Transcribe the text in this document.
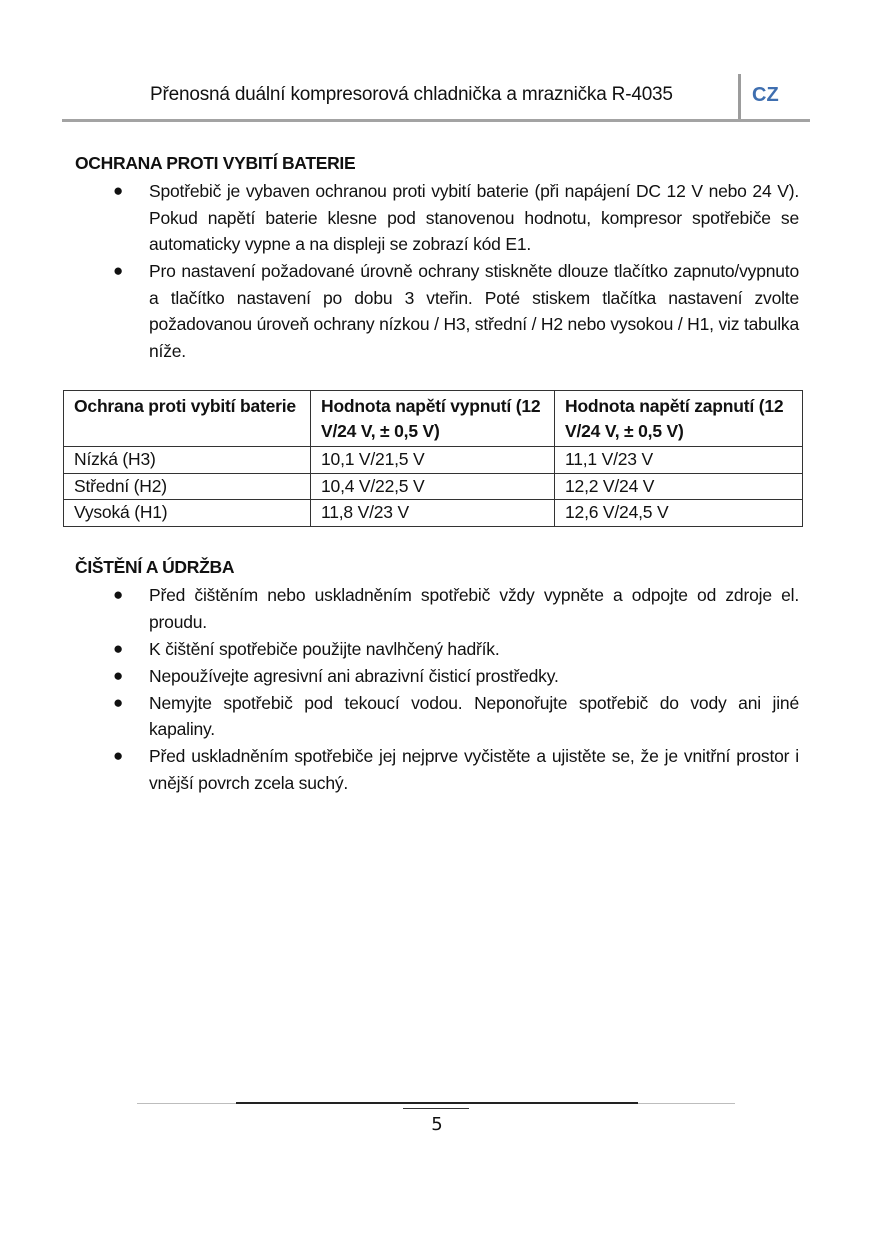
Přenosná duální kompresorová chladnička a mraznička R-4035	CZ
OCHRANA PROTI VYBITÍ BATERIE
● Spotřebič je vybaven ochranou proti vybití baterie (při napájení DC 12 V nebo 24 V). Pokud napětí baterie klesne pod stanovenou hodnotu, kompresor spotřebiče se automaticky vypne a na displeji se zobrazí kód E1.
● Pro nastavení požadované úrovně ochrany stiskněte dlouze tlačítko zapnuto/vypnuto a tlačítko nastavení po dobu 3 vteřin. Poté stiskem tlačítka nastavení zvolte požadovanou úroveň ochrany nízkou / H3, střední / H2 nebo vysokou / H1, viz tabulka níže.
Ochrana proti vybití baterie	Hodnota napětí vypnutí (12 V/24 V, ± 0,5 V)	Hodnota napětí zapnutí (12 V/24 V, ± 0,5 V)
Nízká (H3)	10,1 V/21,5 V	11,1 V/23 V
Střední (H2)	10,4 V/22,5 V	12,2 V/24 V
Vysoká (H1)	11,8 V/23 V	12,6 V/24,5 V
ČIŠTĚNÍ A ÚDRŽBA
● Před čištěním nebo uskladněním spotřebič vždy vypněte a odpojte od zdroje el. proudu.
● K čištění spotřebiče použijte navlhčený hadřík.
● Nepoužívejte agresivní ani abrazivní čisticí prostředky.
● Nemyjte spotřebič pod tekoucí vodou. Neponořujte spotřebič do vody ani jiné kapaliny.
● Před uskladněním spotřebiče jej nejprve vyčistěte a ujistěte se, že je vnitřní prostor i vnější povrch zcela suchý.
5
